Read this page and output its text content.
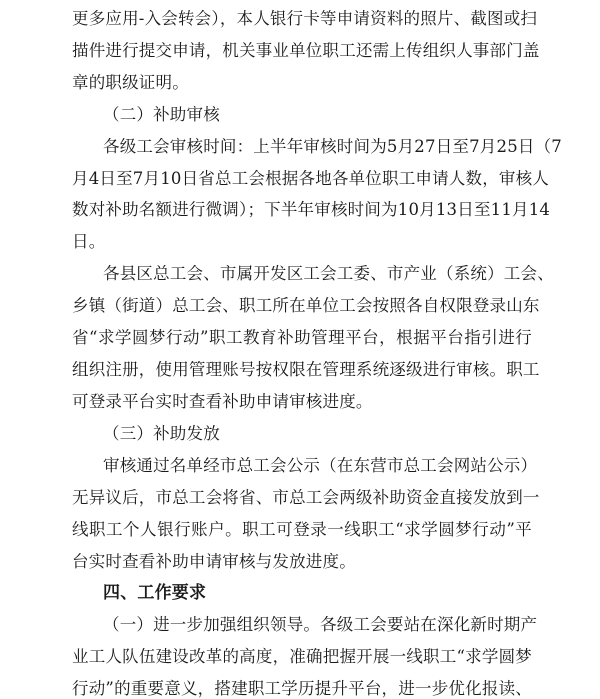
更多应用-入会转会），本人银行卡等申请资料的照片、截图或扫
描件进行提交申请，机关事业单位职工还需上传组织人事部门盖
章的职级证明。
（二）补助审核
各级工会审核时间：上半年审核时间为5月27日至7月25日（7
月4日至7月10日省总工会根据各地各单位职工申请人数，审核人
数对补助名额进行微调）；下半年审核时间为10月13日至11月14
日。
各县区总工会、市属开发区工会工委、市产业（系统）工会、
乡镇（街道）总工会、职工所在单位工会按照各自权限登录山东
省“求学圆梦行动”职工教育补助管理平台，根据平台指引进行
组织注册，使用管理账号按权限在管理系统逐级进行审核。职工
可登录平台实时查看补助申请审核进度。
（三）补助发放
审核通过名单经市总工会公示（在东营市总工会网站公示）
无异议后，市总工会将省、市总工会两级补助资金直接发放到一
线职工个人银行账户。职工可登录一线职工“求学圆梦行动”平
台实时查看补助申请审核与发放进度。
四、工作要求
（一）进一步加强组织领导。各级工会要站在深化新时期产
业工人队伍建设改革的高度，准确把握开展一线职工“求学圆梦
行动”的重要意义，搭建职工学历提升平台，进一步优化报读、
